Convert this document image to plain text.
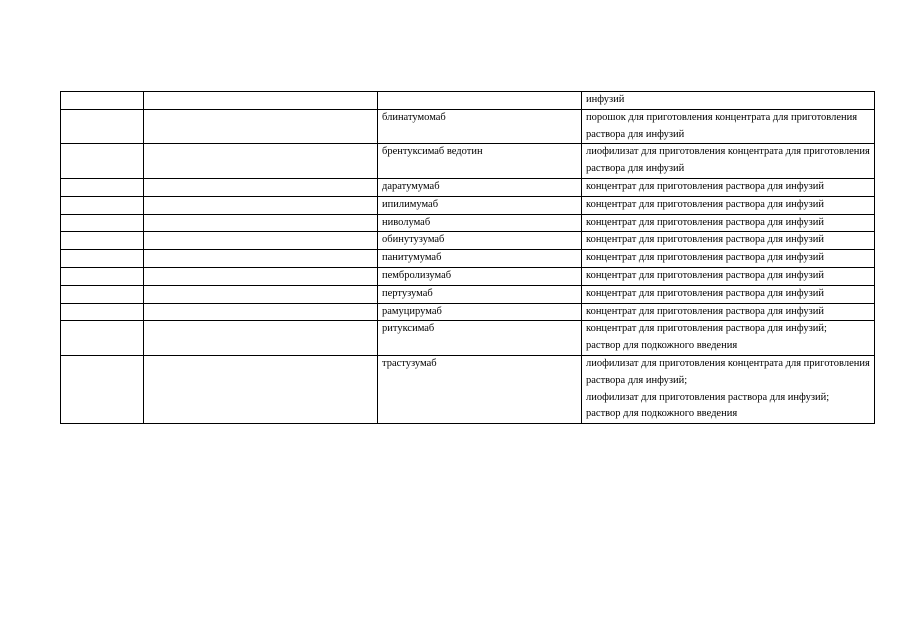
			инфузий

		блинатумомаб	порошок для приготовления концентрата для приготовления раствора для инфузий

		брентуксимаб ведотин	лиофилизат для приготовления концентрата для приготовления раствора для инфузий

		даратумумаб	концентрат для приготовления раствора для инфузий

		ипилимумаб	концентрат для приготовления раствора для инфузий

		ниволумаб	концентрат для приготовления раствора для инфузий

		обинутузумаб	концентрат для приготовления раствора для инфузий

		панитумумаб	концентрат для приготовления раствора для инфузий

		пембролизумаб	концентрат для приготовления раствора для инфузий

		пертузумаб	концентрат для приготовления раствора для инфузий

		рамуцирумаб	концентрат для приготовления раствора для инфузий

		ритуксимаб	концентрат для приготовления раствора для инфузий;
раствор для подкожного введения

		трастузумаб	лиофилизат для приготовления концентрата для приготовления раствора для инфузий;
лиофилизат для приготовления раствора для инфузий;
раствор для подкожного введения
